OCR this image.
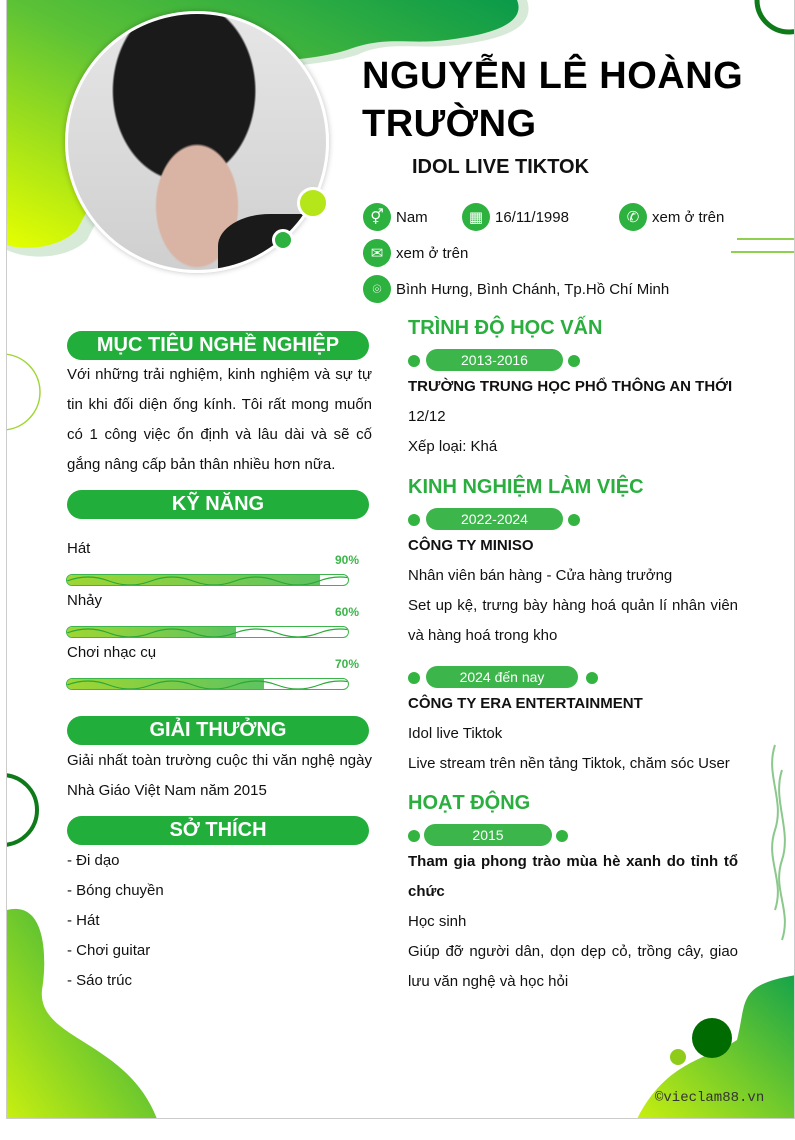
NGUYỄN LÊ HOÀNG
TRƯỜNG
IDOL LIVE TIKTOK
⚥ Nam	▦ 16/11/1998	✆ xem ở trên
✉ xem ở trên
⌾ Bình Hưng, Bình Chánh, Tp.Hồ Chí Minh
MỤC TIÊU NGHỀ NGHIỆP
Với những trải nghiệm, kinh nghiệm và sự tự tin khi đối diện ống kính. Tôi rất mong muốn có 1 công việc ổn định và lâu dài và sẽ cố gắng nâng cấp bản thân nhiều hơn nữa.
KỸ NĂNG
Hát
90%
Nhảy
60%
Chơi nhạc cụ
70%
GIẢI THƯỞNG
Giải nhất toàn trường cuộc thi văn nghệ ngày Nhà Giáo Việt Nam năm 2015
SỞ THÍCH
- Đi dạo
- Bóng chuyền
- Hát
- Chơi guitar
- Sáo trúc
TRÌNH ĐỘ HỌC VẤN
2013-2016
TRƯỜNG TRUNG HỌC PHỔ THÔNG AN THỚI
12/12
Xếp loại: Khá
KINH NGHIỆM LÀM VIỆC
2022-2024
CÔNG TY MINISO
Nhân viên bán hàng - Cửa hàng trưởng
Set up kệ, trưng bày hàng hoá quản lí nhân viên và hàng hoá trong kho
2024 đến nay
CÔNG TY ERA ENTERTAINMENT
Idol live Tiktok
Live stream trên nền tảng Tiktok, chăm sóc User
HOẠT ĐỘNG
2015
Tham gia phong trào mùa hè xanh do tỉnh tổ chức
Học sinh
Giúp đỡ người dân, dọn dẹp cỏ, trồng cây, giao lưu văn nghệ và học hỏi
©vieclam88.vn
